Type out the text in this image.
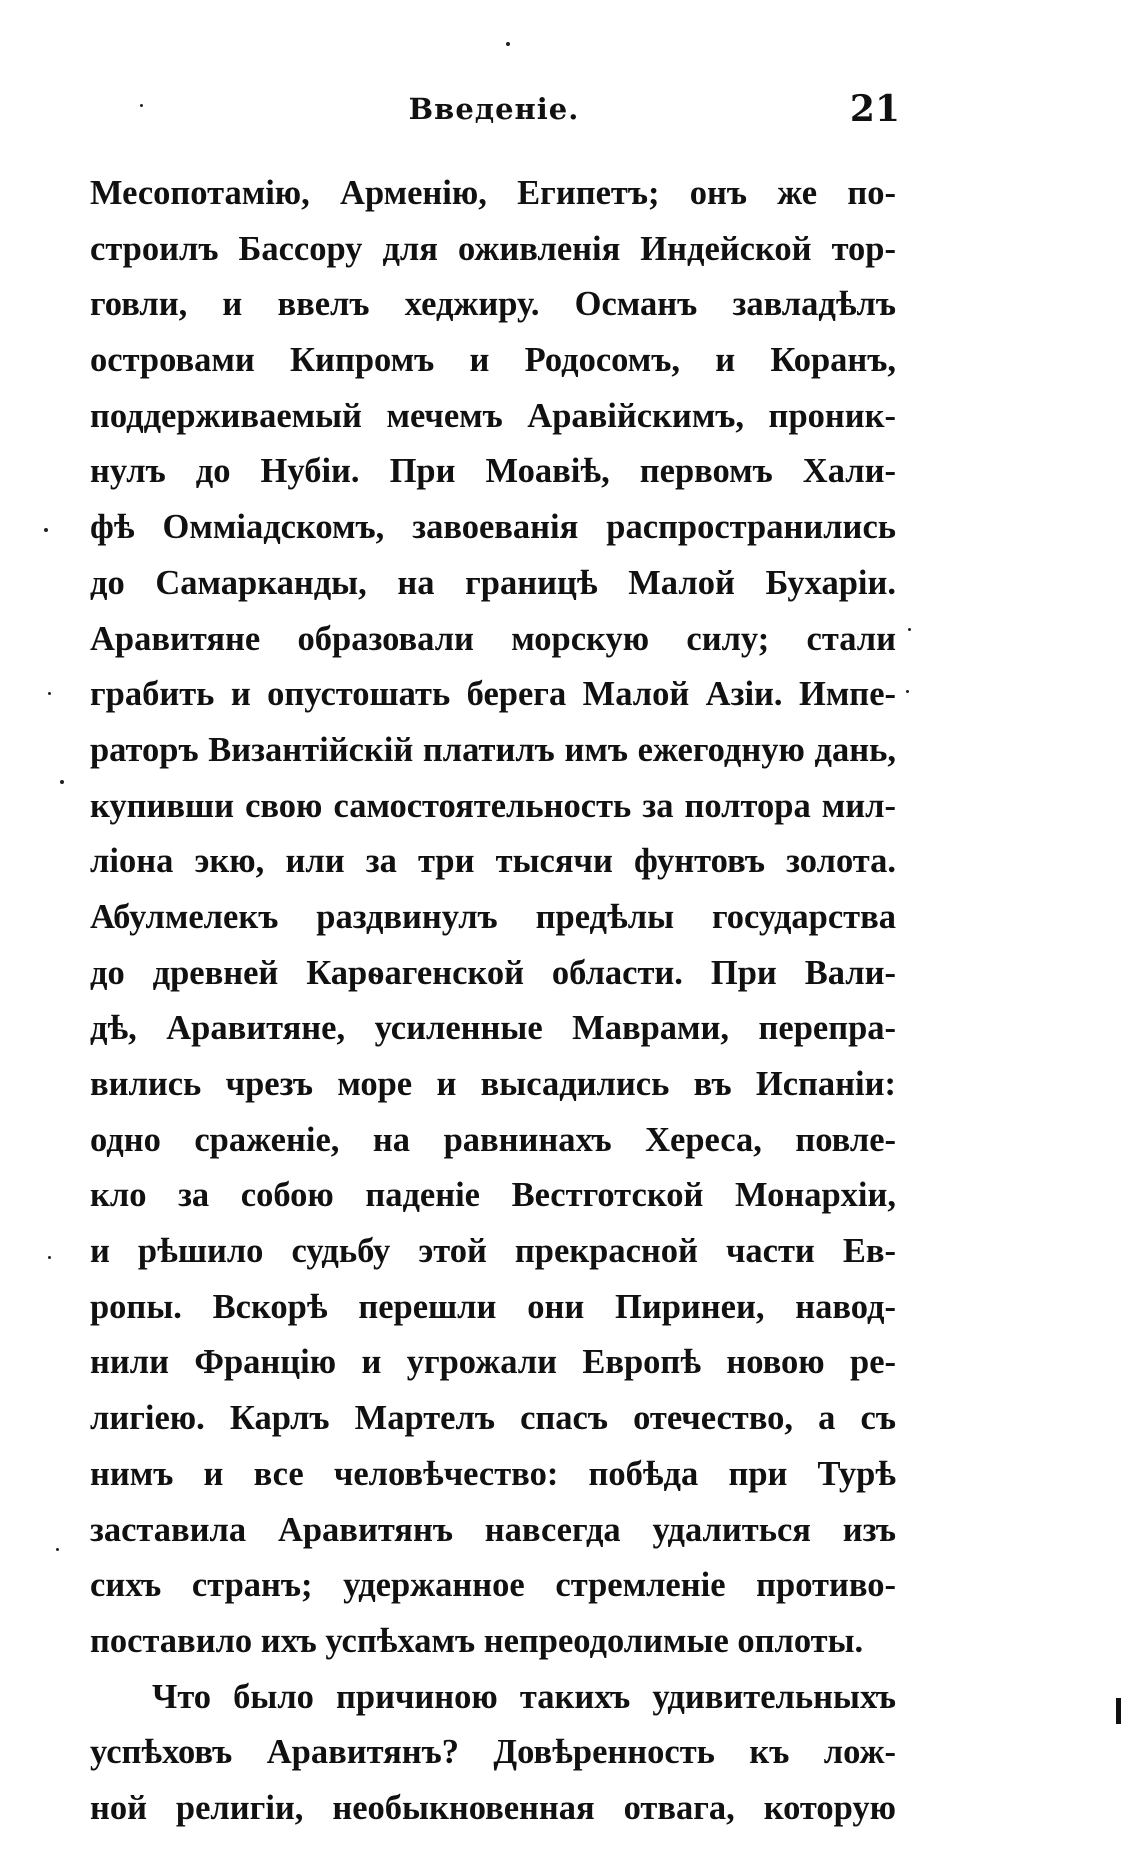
Введенiе.	21
Месопотамiю, Арменiю, Египетъ; онъ же по-
строилъ Бассору для оживленiя Индейской тор-
говли, и ввелъ хеджиру. Османъ завладѣлъ
островами Кипромъ и Родосомъ, и Коранъ,
поддерживаемый мечемъ Аравiйскимъ, проник-
нулъ до Нубiи. При Моавiѣ, первомъ Хали-
фѣ Оммiадскомъ, завоеванiя распространились
до Самарканды, на границѣ Малой Бухарiи.
Аравитяне образовали морскую силу; стали
грабить и опустошать берега Малой Азiи. Импе-
раторъ Византiйскiй платилъ имъ ежегодную дань,
купивши свою самостоятельность за полтора мил-
лiона экю, или за три тысячи фунтовъ золота.
Абулмелекъ раздвинулъ предѣлы государства
до древней Карѳагенской области. При Вали-
дѣ, Аравитяне, усиленные Маврами, перепра-
вились чрезъ море и высадились въ Испанiи:
одно сраженiе, на равнинахъ Хереса, повле-
кло за собою паденiе Вестготской Монархiи,
и рѣшило судьбу этой прекрасной части Ев-
ропы. Вскорѣ перешли они Пиринеи, навод-
нили Францiю и угрожали Европѣ новою ре-
лигiею. Карлъ Мартелъ спасъ отечество, а съ
нимъ и все человѣчество: побѣда при Турѣ
заставила Аравитянъ навсегда удалиться изъ
сихъ странъ; удержанное стремленiе противо-
поставило ихъ успѣхамъ непреодолимые оплоты.
Что было причиною такихъ удивительныхъ
успѣховъ Аравитянъ? Довѣренность къ лож-
ной религiи, необыкновенная отвага, которую
